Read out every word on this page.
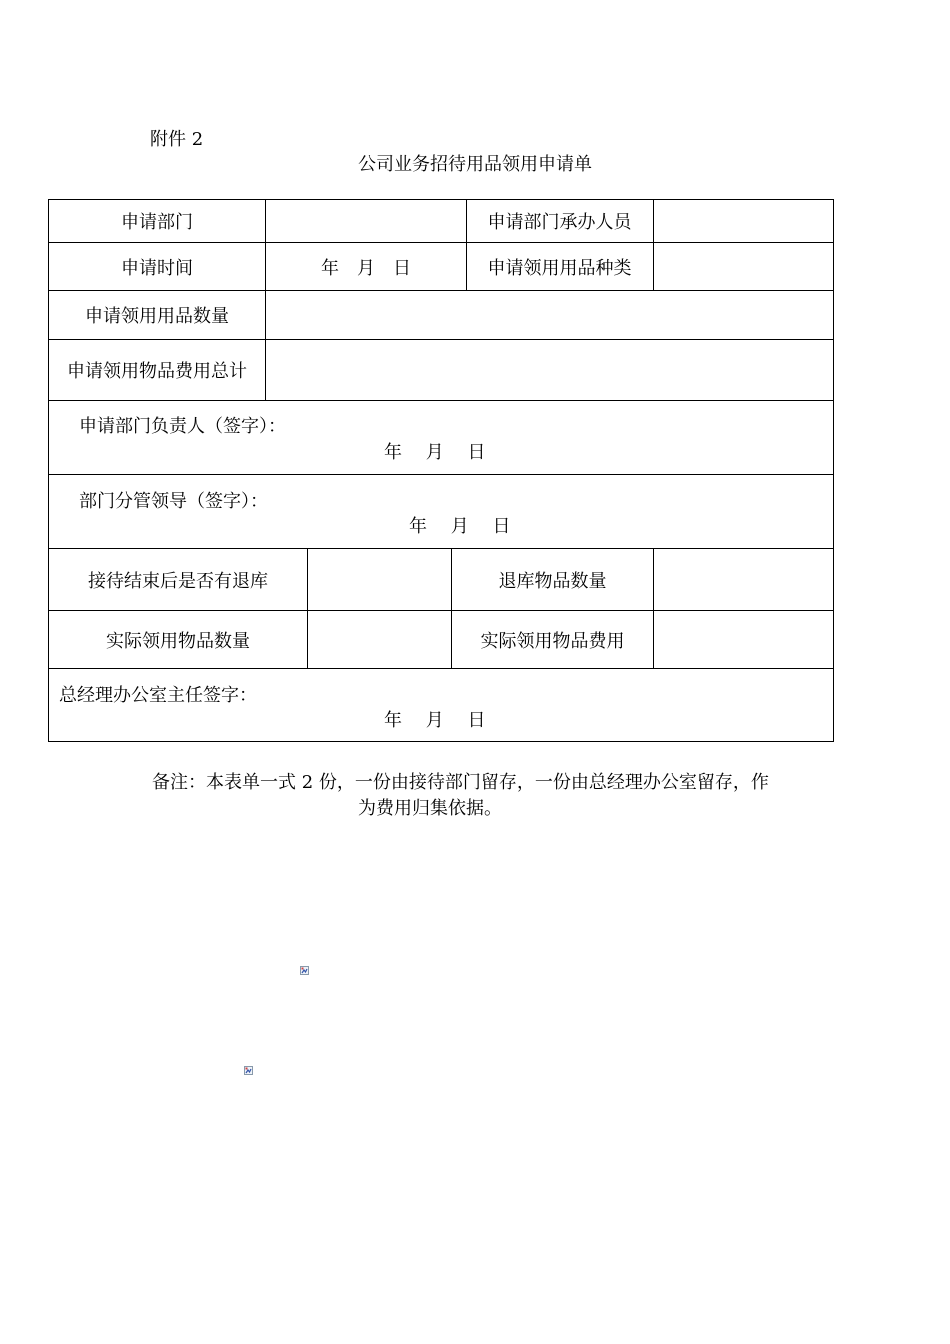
附件 2
公司业务招待用品领用申请单
申请部门	申请部门承办人员
申请时间	年　月　日	申请领用用品种类
申请领用用品数量
申请领用物品费用总计
申请部门负责人（签字）：
年　 月　 日
部门分管领导（签字）：
年　 月　 日
接待结束后是否有退库	退库物品数量
实际领用物品数量	实际领用物品费用
总经理办公室主任签字：
年　 月　 日
备注：本表单一式 2 份，一份由接待部门留存，一份由总经理办公室留存，作
为费用归集依据。
